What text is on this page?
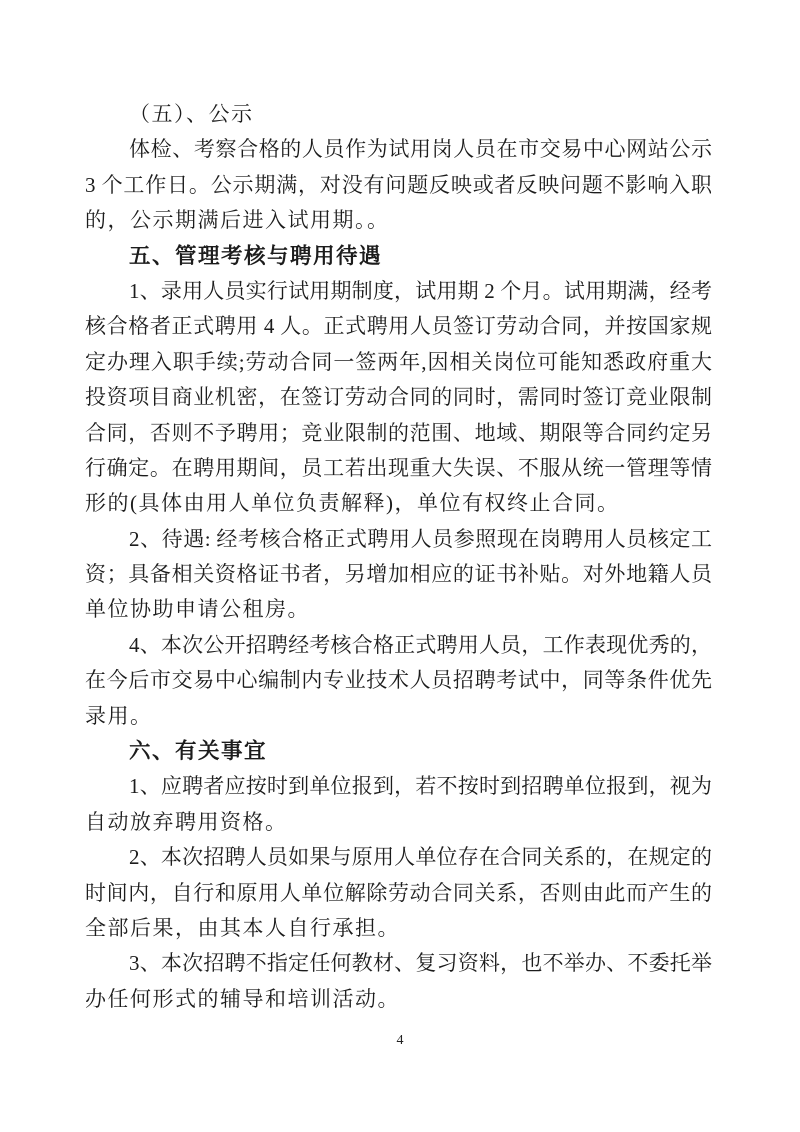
（五）、公示
体检、考察合格的人员作为试用岗人员在市交易中心网站公示
3 个工作日。公示期满，对没有问题反映或者反映问题不影响入职
的，公示期满后进入试用期。。
五、管理考核与聘用待遇
1、录用人员实行试用期制度，试用期 2 个月。试用期满，经考
核合格者正式聘用 4 人。正式聘用人员签订劳动合同，并按国家规
定办理入职手续;劳动合同一签两年,因相关岗位可能知悉政府重大
投资项目商业机密，在签订劳动合同的同时，需同时签订竞业限制
合同，否则不予聘用；竞业限制的范围、地域、期限等合同约定另
行确定。在聘用期间，员工若出现重大失误、不服从统一管理等情
形的(具体由用人单位负责解释)，单位有权终止合同。
2、待遇: 经考核合格正式聘用人员参照现在岗聘用人员核定工
资；具备相关资格证书者，另增加相应的证书补贴。对外地籍人员
单位协助申请公租房。
4、本次公开招聘经考核合格正式聘用人员，工作表现优秀的，
在今后市交易中心编制内专业技术人员招聘考试中，同等条件优先
录用。
六、有关事宜
1、应聘者应按时到单位报到，若不按时到招聘单位报到，视为
自动放弃聘用资格。
2、本次招聘人员如果与原用人单位存在合同关系的，在规定的
时间内，自行和原用人单位解除劳动合同关系，否则由此而产生的
全部后果，由其本人自行承担。
3、本次招聘不指定任何教材、复习资料，也不举办、不委托举
办任何形式的辅导和培训活动。
4
